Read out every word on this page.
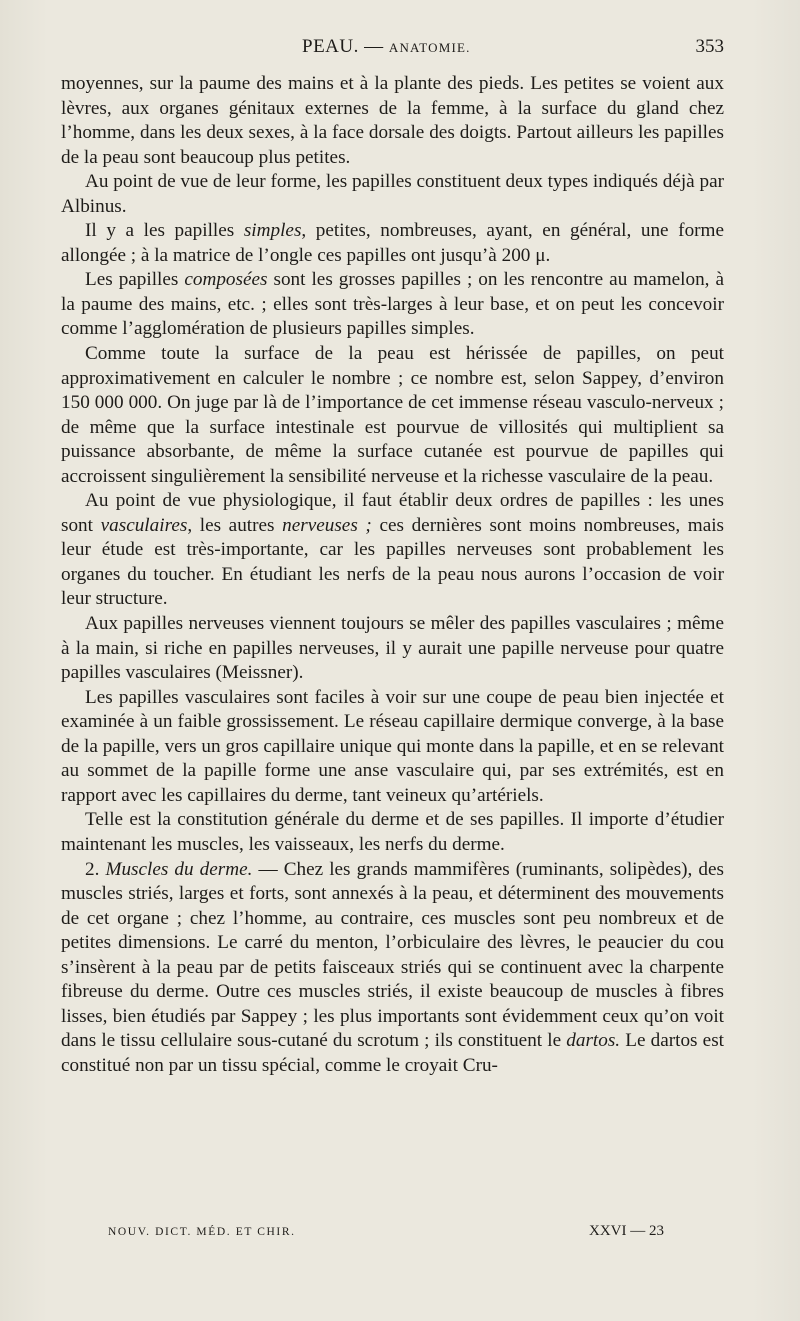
PEAU. — ANATOMIE.	353

moyennes, sur la paume des mains et à la plante des pieds. Les petites se voient aux lèvres, aux organes génitaux externes de la femme, à la surface du gland chez l’homme, dans les deux sexes, à la face dorsale des doigts. Partout ailleurs les papilles de la peau sont beaucoup plus petites.

Au point de vue de leur forme, les papilles constituent deux types indiqués déjà par Albinus.

Il y a les papilles simples, petites, nombreuses, ayant, en général, une forme allongée ; à la matrice de l’ongle ces papilles ont jusqu’à 200 μ.

Les papilles composées sont les grosses papilles ; on les rencontre au mamelon, à la paume des mains, etc. ; elles sont très-larges à leur base, et on peut les concevoir comme l’agglomération de plusieurs papilles simples.

Comme toute la surface de la peau est hérissée de papilles, on peut approximativement en calculer le nombre ; ce nombre est, selon Sappey, d’environ 150 000 000. On juge par là de l’importance de cet immense réseau vasculo-nerveux ; de même que la surface intestinale est pourvue de villosités qui multiplient sa puissance absorbante, de même la surface cutanée est pourvue de papilles qui accroissent singulièrement la sensibilité nerveuse et la richesse vasculaire de la peau.

Au point de vue physiologique, il faut établir deux ordres de papilles : les unes sont vasculaires, les autres nerveuses ; ces dernières sont moins nombreuses, mais leur étude est très-importante, car les papilles nerveuses sont probablement les organes du toucher. En étudiant les nerfs de la peau nous aurons l’occasion de voir leur structure.

Aux papilles nerveuses viennent toujours se mêler des papilles vasculaires ; même à la main, si riche en papilles nerveuses, il y aurait une papille nerveuse pour quatre papilles vasculaires (Meissner).

Les papilles vasculaires sont faciles à voir sur une coupe de peau bien injectée et examinée à un faible grossissement. Le réseau capillaire dermique converge, à la base de la papille, vers un gros capillaire unique qui monte dans la papille, et en se relevant au sommet de la papille forme une anse vasculaire qui, par ses extrémités, est en rapport avec les capillaires du derme, tant veineux qu’artériels.

Telle est la constitution générale du derme et de ses papilles. Il importe d’étudier maintenant les muscles, les vaisseaux, les nerfs du derme.

2. Muscles du derme. — Chez les grands mammifères (ruminants, solipèdes), des muscles striés, larges et forts, sont annexés à la peau, et déterminent des mouvements de cet organe ; chez l’homme, au contraire, ces muscles sont peu nombreux et de petites dimensions. Le carré du menton, l’orbiculaire des lèvres, le peaucier du cou s’insèrent à la peau par de petits faisceaux striés qui se continuent avec la charpente fibreuse du derme. Outre ces muscles striés, il existe beaucoup de muscles à fibres lisses, bien étudiés par Sappey ; les plus importants sont évidemment ceux qu’on voit dans le tissu cellulaire sous-cutané du scrotum ; ils constituent le dartos. Le dartos est constitué non par un tissu spécial, comme le croyait Cru-

NOUV. DICT. MÉD. ET CHIR.	XXVI — 23
